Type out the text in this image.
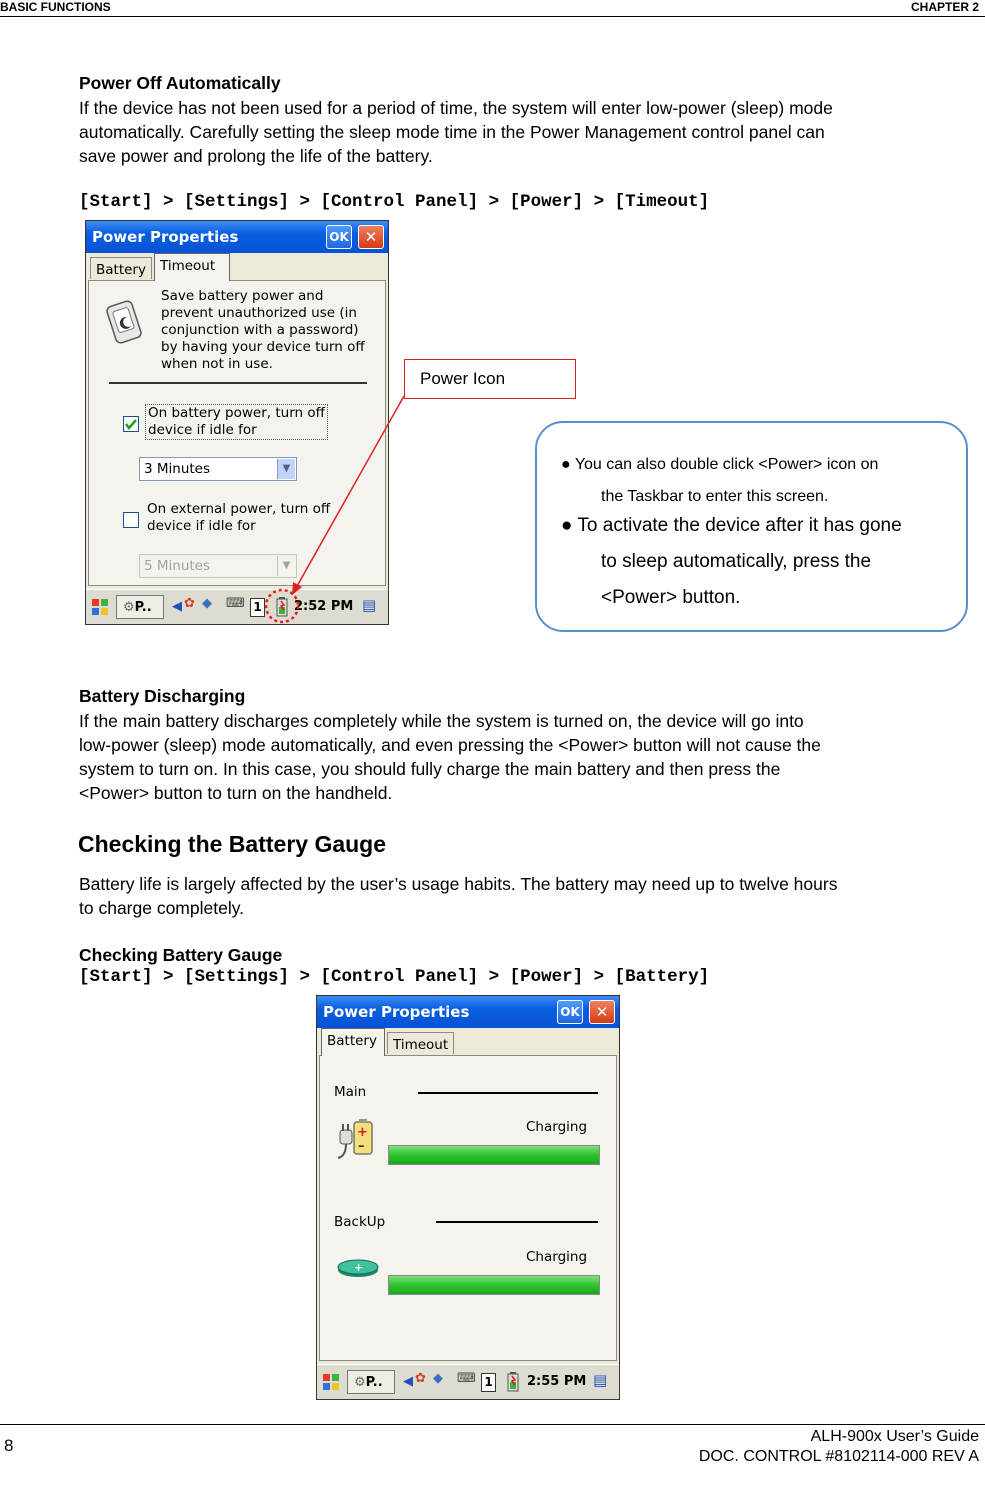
BASIC FUNCTIONS	CHAPTER 2
Power Off Automatically
If the device has not been used for a period of time, the system will enter low-power (sleep) mode
automatically. Carefully setting the sleep mode time in the Power Management control panel can
save power and prolong the life of the battery.
[Start] > [Settings] > [Control Panel] > [Power] > [Timeout]
Power Properties	OK	✕
Battery	Timeout
Save battery power and
prevent unauthorized use (in
conjunction with a password)
by having your device turn off
when not in use.
On battery power, turn off
device if idle for
3 Minutes	▼
On external power, turn off
device if idle for
5 Minutes	▼
⚙P..	◀ ✿ ◆ ⌨ 1 2:52 PM ▤
Power Icon
● You can also double click <Power> icon on
the Taskbar to enter this screen.
● To activate the device after it has gone
to sleep automatically, press the
<Power> button.
Battery Discharging
If the main battery discharges completely while the system is turned on, the device will go into
low-power (sleep) mode automatically, and even pressing the <Power> button will not cause the
system to turn on. In this case, you should fully charge the main battery and then press the
<Power> button to turn on the handheld.
Checking the Battery Gauge
Battery life is largely affected by the user’s usage habits. The battery may need up to twelve hours
to charge completely.
Checking Battery Gauge
[Start] > [Settings] > [Control Panel] > [Power] > [Battery]
Power Properties	OK	✕
Battery	Timeout
Main
Charging
+
–
BackUp
Charging
+
⚙P..	◀ ✿ ◆ ⌨ 1	2:55 PM ▤
8	ALH-900x User’s Guide
DOC. CONTROL #8102114-000 REV A
